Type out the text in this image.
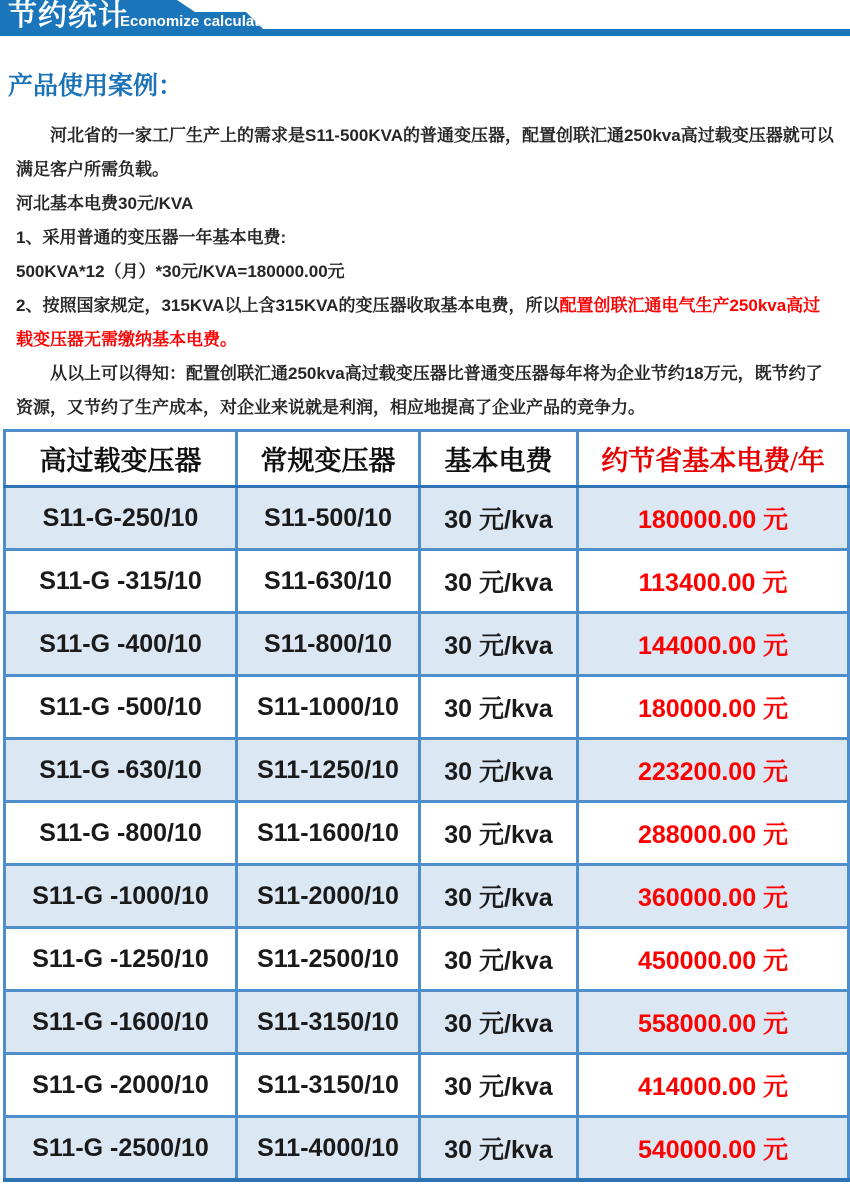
节约统计
Economize calculation
产品使用案例：

河北省的一家工厂生产上的需求是S11-500KVA的普通变压器，配置创联汇通250kva高过载变压器就可以满足客户所需负载。

河北基本电费30元/KVA

1、采用普通的变压器一年基本电费:

500KVA*12（月）*30元/KVA=180000.00元

2、按照国家规定，315KVA以上含315KVA的变压器收取基本电费，所以配置创联汇通电气生产250kva高过载变压器无需缴纳基本电费。

从以上可以得知：配置创联汇通250kva高过载变压器比普通变压器每年将为企业节约18万元，既节约了资源，又节约了生产成本，对企业来说就是利润，相应地提高了企业产品的竞争力。

高过载变压器	常规变压器	基本电费	约节省基本电费/年
S11-G-250/10	S11-500/10	30 元/kva	180000.00 元
S11-G -315/10	S11-630/10	30 元/kva	113400.00 元
S11-G -400/10	S11-800/10	30 元/kva	144000.00 元
S11-G -500/10	S11-1000/10	30 元/kva	180000.00 元
S11-G -630/10	S11-1250/10	30 元/kva	223200.00 元
S11-G -800/10	S11-1600/10	30 元/kva	288000.00 元
S11-G -1000/10	S11-2000/10	30 元/kva	360000.00 元
S11-G -1250/10	S11-2500/10	30 元/kva	450000.00 元
S11-G -1600/10	S11-3150/10	30 元/kva	558000.00 元
S11-G -2000/10	S11-3150/10	30 元/kva	414000.00 元
S11-G -2500/10	S11-4000/10	30 元/kva	540000.00 元
